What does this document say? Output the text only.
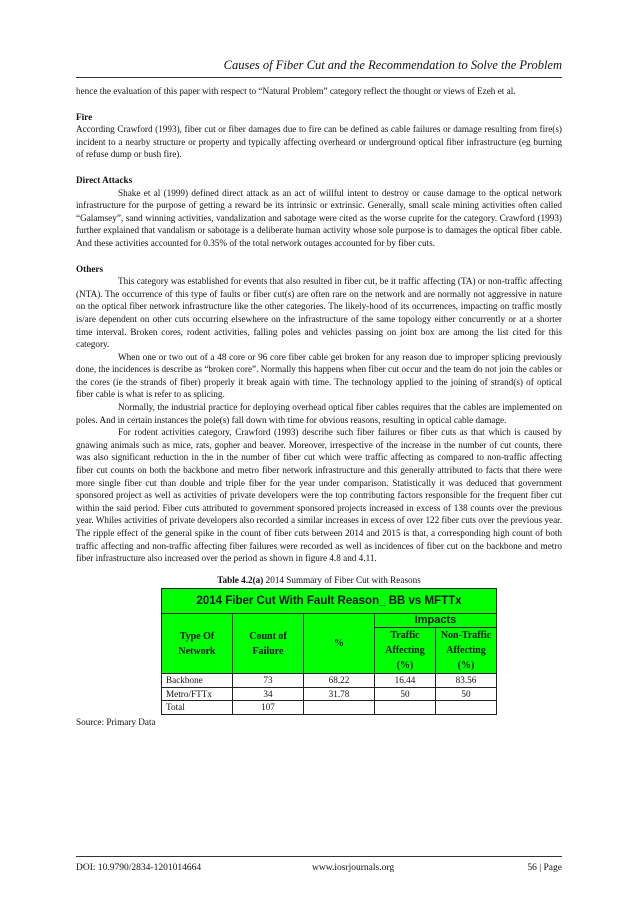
Causes of Fiber Cut and the Recommendation to Solve the Problem

hence the evaluation of this paper with respect to “Natural Problem” category reflect the thought or views of Ezeh et al.

Fire

According Crawford (1993), fiber cut or fiber damages due to fire can be defined as cable failures or damage resulting from fire(s) incident to a nearby structure or property and typically affecting overheard or underground optical fiber infrastructure (eg burning of refuse dump or bush fire).

Direct Attacks

Shake et al (1999) defined direct attack as an act of willful intent to destroy or cause damage to the optical network infrastructure for the purpose of getting a reward be its intrinsic or extrinsic. Generally, small scale mining activities often called “Galamsey”, sand winning activities, vandalization and sabotage were cited as the worse cuprite for the category. Crawford (1993) further explained that vandalism or sabotage is a deliberate human activity whose sole purpose is to damages the optical fiber cable. And these activities accounted for 0.35% of the total network outages accounted for by fiber cuts.

Others

This category was established for events that also resulted in fiber cut, be it traffic affecting (TA) or non-traffic affecting (NTA). The occurrence of this type of faults or fiber cut(s) are often rare on the network and are normally not aggressive in nature on the optical fiber network infrastructure like the other categories. The likely-hood of its occurrences, impacting on traffic mostly is/are dependent on other cuts occurring elsewhere on the infrastructure of the same topology either concurrently or at a shorter time interval. Broken cores, rodent activities, falling poles and vehicles passing on joint box are among the list cited for this category.

When one or two out of a 48 core or 96 core fiber cable get broken for any reason due to improper splicing previously done, the incidences is describe as “broken core”. Normally this happens when fiber cut occur and the team do not join the cables or the cores (ie the strands of fiber) properly it break again with time. The technology applied to the joining of strand(s) of optical fiber cable is what is refer to as splicing.

Normally, the industrial practice for deploying overhead optical fiber cables requires that the cables are implemented on poles. And in certain instances the pole(s) fall down with time for obvious reasons, resulting in optical cable damage.

For rodent activities category, Crawford (1993) describe such fiber failures or fiber cuts as that which is caused by gnawing animals such as mice, rats, gopher and beaver. Moreover, irrespective of the increase in the number of cut counts, there was also significant reduction in the in the number of fiber cut which were traffic affecting as compared to non-traffic affecting fiber cut counts on both the backbone and metro fiber network infrastructure and this generally attributed to facts that there were more single fiber cut than double and triple fiber for the year under comparison. Statistically it was deduced that government sponsored project as well as activities of private developers were the top contributing factors responsible for the frequent fiber cut within the said period. Fiber cuts attributed to government sponsored projects increased in excess of 138 counts over the previous year. Whiles activities of private developers also recorded a similar increases in excess of over 122 fiber cuts over the previous year. The ripple effect of the general spike in the count of fiber cuts between 2014 and 2015 is that, a corresponding high count of both traffic affecting and non-traffic affecting fiber failures were recorded as well as incidences of fiber cut on the backbone and metro fiber infrastructure also increased over the period as shown in figure 4.8 and 4.11.

Table 4.2(a) 2014 Summary of Fiber Cut with Reasons
2014 Fiber Cut With Fault Reason_ BB vs MFTTx				
Type Of Network	Count of Failure	%	Impacts	
			Traffic Affecting (%)	Non-Traffic Affecting (%)
Backbone	73	68.22	16.44	83.56
Metro/FTTx	34	31.78	50	50
Total	107			
Source: Primary Data
DOI: 10.9790/2834-1201014664	www.iosrjournals.org	56 | Page
